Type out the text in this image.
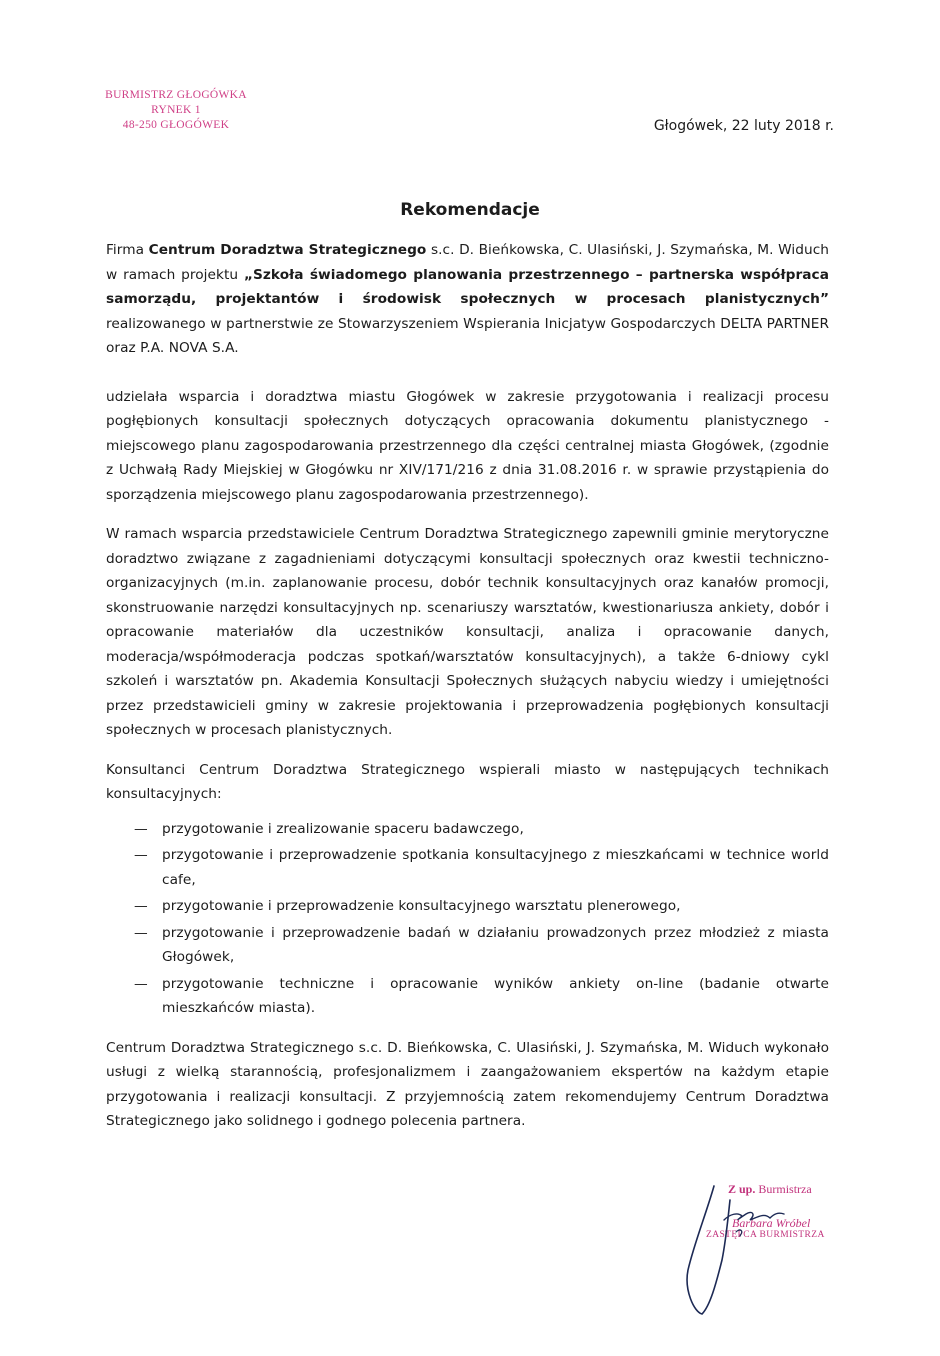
BURMISTRZ GŁOGÓWKA
RYNEK 1
48-250 GŁOGÓWEK	Głogówek, 22 luty 2018 r.
Rekomendacje

Firma Centrum Doradztwa Strategicznego s.c. D. Bieńkowska, C. Ulasiński, J. Szymańska, M. Widuch w ramach projektu „Szkoła świadomego planowania przestrzennego – partnerska współpraca samorządu, projektantów i środowisk społecznych w procesach planistycznych” realizowanego w partnerstwie ze Stowarzyszeniem Wspierania Inicjatyw Gospodarczych DELTA PARTNER oraz P.A. NOVA S.A.

udzielała wsparcia i doradztwa miastu Głogówek w zakresie przygotowania i realizacji procesu pogłębionych konsultacji społecznych dotyczących opracowania dokumentu planistycznego - miejscowego planu zagospodarowania przestrzennego dla części centralnej miasta Głogówek, (zgodnie z Uchwałą Rady Miejskiej w Głogówku nr XIV/171/216 z dnia 31.08.2016 r. w sprawie przystąpienia do sporządzenia miejscowego planu zagospodarowania przestrzennego).

W ramach wsparcia przedstawiciele Centrum Doradztwa Strategicznego zapewnili gminie merytoryczne doradztwo związane z zagadnieniami dotyczącymi konsultacji społecznych oraz kwestii techniczno-organizacyjnych (m.in. zaplanowanie procesu, dobór technik konsultacyjnych oraz kanałów promocji, skonstruowanie narzędzi konsultacyjnych np. scenariuszy warsztatów, kwestionariusza ankiety, dobór i opracowanie materiałów dla uczestników konsultacji, analiza i opracowanie danych, moderacja/współmoderacja podczas spotkań/warsztatów konsultacyjnych), a także 6-dniowy cykl szkoleń i warsztatów pn. Akademia Konsultacji Społecznych służących nabyciu wiedzy i umiejętności przez przedstawicieli gminy w zakresie projektowania i przeprowadzenia pogłębionych konsultacji społecznych w procesach planistycznych.

Konsultanci Centrum Doradztwa Strategicznego wspierali miasto w następujących technikach konsultacyjnych:

—	przygotowanie i zrealizowanie spaceru badawczego,
—	przygotowanie i przeprowadzenie spotkania konsultacyjnego z mieszkańcami w technice world cafe,
—	przygotowanie i przeprowadzenie konsultacyjnego warsztatu plenerowego,
—	przygotowanie i przeprowadzenie badań w działaniu prowadzonych przez młodzież z miasta Głogówek,
—	przygotowanie techniczne i opracowanie wyników ankiety on-line (badanie otwarte mieszkańców miasta).

Centrum Doradztwa Strategicznego s.c. D. Bieńkowska, C. Ulasiński, J. Szymańska, M. Widuch wykonało usługi z wielką starannością, profesjonalizmem i zaangażowaniem ekspertów na każdym etapie przygotowania i realizacji konsultacji. Z przyjemnością zatem rekomendujemy Centrum Doradztwa Strategicznego jako solidnego i godnego polecenia partnera.

Z up. Burmistrza
Barbara Wróbel
ZASTĘPCA BURMISTRZA
